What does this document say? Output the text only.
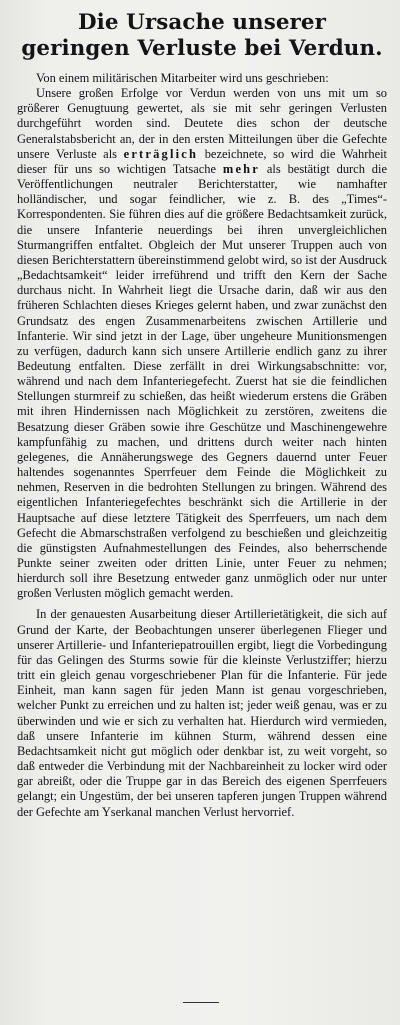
Die Ursache unserer
geringen Verluste bei Verdun.

Von einem militärischen Mitarbeiter wird uns geschrieben:

Unsere großen Erfolge vor Verdun werden von uns mit um so größerer Genugtuung gewertet, als sie mit sehr geringen Verlusten durchgeführt worden sind. Deutete dies schon der deutsche Generalstabsbericht an, der in den ersten Mitteilungen über die Gefechte unsere Verluste als erträglich bezeichnete, so wird die Wahrheit dieser für uns so wichtigen Tatsache mehr als bestätigt durch die Veröffentlichungen neutraler Berichterstatter, wie namhafter holländischer, und sogar feindlicher, wie z. B. des „Times“-Korrespondenten. Sie führen dies auf die größere Bedachtsamkeit zurück, die unsere Infanterie neuerdings bei ihren unvergleichlichen Sturmangriffen entfaltet. Obgleich der Mut unserer Truppen auch von diesen Berichterstattern übereinstimmend gelobt wird, so ist der Ausdruck „Bedachtsamkeit“ leider irreführend und trifft den Kern der Sache durchaus nicht. In Wahrheit liegt die Ursache darin, daß wir aus den früheren Schlachten dieses Krieges gelernt haben, und zwar zunächst den Grundsatz des engen Zusammenarbeitens zwischen Artillerie und Infanterie. Wir sind jetzt in der Lage, über ungeheure Munitionsmengen zu verfügen, dadurch kann sich unsere Artillerie endlich ganz zu ihrer Bedeutung entfalten. Diese zerfällt in drei Wirkungsabschnitte: vor, während und nach dem Infanteriegefecht. Zuerst hat sie die feindlichen Stellungen sturmreif zu schießen, das heißt wiederum erstens die Gräben mit ihren Hindernissen nach Möglichkeit zu zerstören, zweitens die Besatzung dieser Gräben sowie ihre Geschütze und Maschinengewehre kampfunfähig zu machen, und drittens durch weiter nach hinten gelegenes, die Annäherungswege des Gegners dauernd unter Feuer haltendes sogenanntes Sperrfeuer dem Feinde die Möglichkeit zu nehmen, Reserven in die bedrohten Stellungen zu bringen. Während des eigentlichen Infanteriegefechtes beschränkt sich die Artillerie in der Hauptsache auf diese letztere Tätigkeit des Sperrfeuers, um nach dem Gefecht die Abmarschstraßen verfolgend zu beschießen und gleichzeitig die günstigsten Aufnahmestellungen des Feindes, also beherrschende Punkte seiner zweiten oder dritten Linie, unter Feuer zu nehmen; hierdurch soll ihre Besetzung entweder ganz unmöglich oder nur unter großen Verlusten möglich gemacht werden.

In der genauesten Ausarbeitung dieser Artillerietätigkeit, die sich auf Grund der Karte, der Beobachtungen unserer überlegenen Flieger und unserer Artillerie- und Infanteriepatrouillen ergibt, liegt die Vorbedingung für das Gelingen des Sturms sowie für die kleinste Verlustziffer; hierzu tritt ein gleich genau vorgeschriebener Plan für die Infanterie. Für jede Einheit, man kann sagen für jeden Mann ist genau vorgeschrieben, welcher Punkt zu erreichen und zu halten ist; jeder weiß genau, was er zu überwinden und wie er sich zu verhalten hat. Hierdurch wird vermieden, daß unsere Infanterie im kühnen Sturm, während dessen eine Bedachtsamkeit nicht gut möglich oder denkbar ist, zu weit vorgeht, so daß entweder die Verbindung mit der Nachbareinheit zu locker wird oder gar abreißt, oder die Truppe gar in das Bereich des eigenen Sperrfeuers gelangt; ein Ungestüm, der bei unseren tapferen jungen Truppen während der Gefechte am Yserkanal manchen Verlust hervorrief.
